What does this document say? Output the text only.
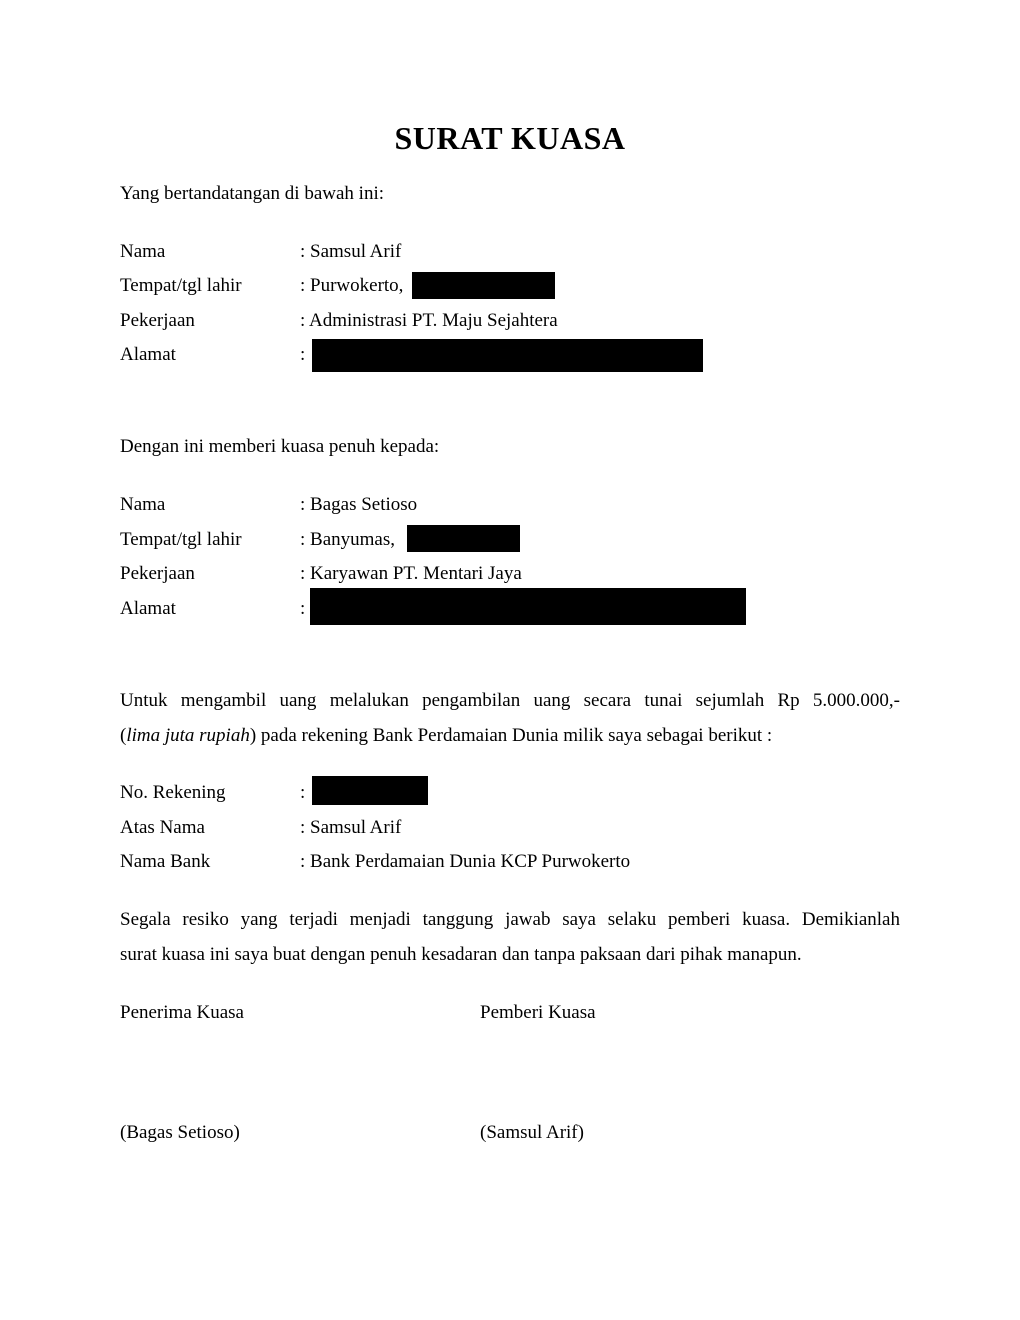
SURAT KUASA
Yang bertandatangan di bawah ini:
Nama	: Samsul Arif
Tempat/tgl lahir	: Purwokerto,
Pekerjaan	: Administrasi PT. Maju Sejahtera
Alamat	:
Dengan ini memberi kuasa penuh kepada:
Nama	: Bagas Setioso
Tempat/tgl lahir	: Banyumas,
Pekerjaan	: Karyawan PT. Mentari Jaya
Alamat	:
Untuk mengambil uang melalukan pengambilan uang secara tunai sejumlah Rp 5.000.000,-
(lima juta rupiah) pada rekening Bank Perdamaian Dunia milik saya sebagai berikut :
No. Rekening	:
Atas Nama	: Samsul Arif
Nama Bank	: Bank Perdamaian Dunia KCP Purwokerto
Segala resiko yang terjadi menjadi tanggung jawab saya selaku pemberi kuasa. Demikianlah
surat kuasa ini saya buat dengan penuh kesadaran dan tanpa paksaan dari pihak manapun.
Penerima Kuasa	Pemberi Kuasa
(Bagas Setioso)	(Samsul Arif)
